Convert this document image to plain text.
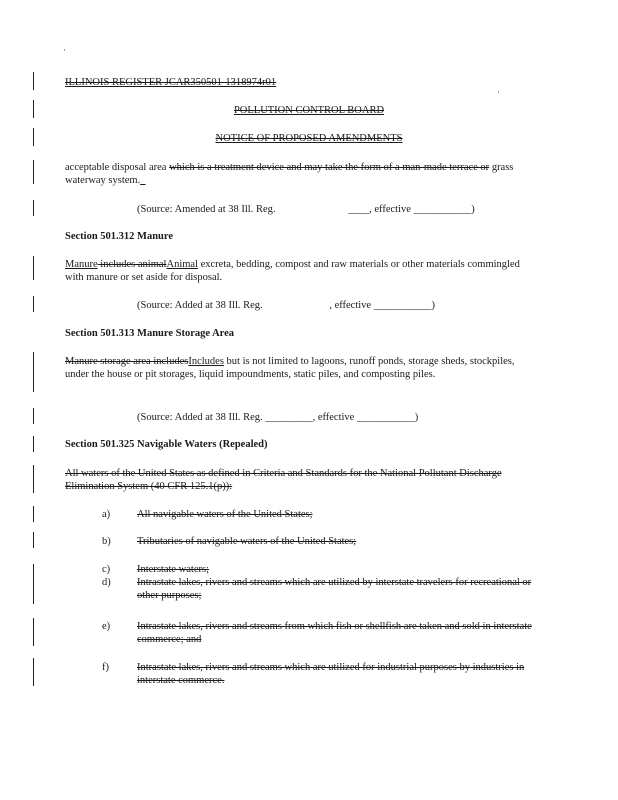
·
·
ILLINOIS REGISTER JCAR350501-1318974r01
POLLUTION CONTROL BOARD
NOTICE OF PROPOSED AMENDMENTS
acceptable disposal area which is a treatment device and may take the form of a man-made terrace or grass waterway system._
(Source: Amended at 38 Ill. Reg.	____, effective ___________)
Section 501.312 Manure
Manure includes animalAnimal excreta, bedding, compost and raw materials or other materials commingled with manure or set aside for disposal.
(Source: Added at 38 Ill. Reg.	, effective ___________)
Section 501.313 Manure Storage Area
Manure storage area includesIncludes but is not limited to lagoons, runoff ponds, storage sheds, stockpiles, under the house or pit storages, liquid impoundments, static piles, and composting piles.
(Source: Added at 38 Ill. Reg. _________, effective ___________)
Section 501.325 Navigable Waters (Repealed)
All waters of the United States as defined in Criteria and Standards for the National Pollutant Discharge Elimination System (40 CFR 125.1(p)):
a)	All navigable waters of the United States;
b)	Tributaries of navigable waters of the United States;
c)	Interstate waters;
d)	Intrastate lakes, rivers and streams which are utilized by interstate travelers for recreational or other purposes;
e)	Intrastate lakes, rivers and streams from which fish or shellfish are taken and sold in interstate commerce; and
f)	Intrastate lakes, rivers and streams which are utilized for industrial purposes by industries in interstate commerce.
